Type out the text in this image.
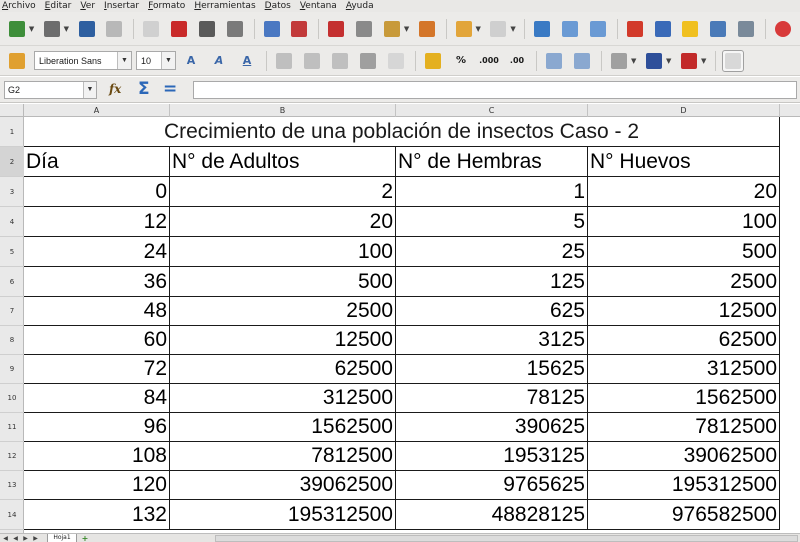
Archivo Editar Ver Insertar Formato Herramientas Datos Ventana Ayuda
▼	▼	▼	▼	▼
Liberation Sans	▼	10	▼	A	A	A	%	.000	.00	▼	▼	▼
G2	▼ fx Σ =
A	B	C	D
1
2
3
4
5
6
7
8
9
10
11
12
13
14
Crecimiento de una población de insectos Caso - 2
Día	N° de Adultos	N° de Hembras	N° Huevos
0	2	1	20
12	20	5	100
24	100	25	500
36	500	125	2500
48	2500	625	12500
60	12500	3125	62500
72	62500	15625	312500
84	312500	78125	1562500
96	1562500	390625	7812500
108	7812500	1953125	39062500
120	39062500	9765625	195312500
132	195312500	48828125	976582500
◀ ◀ ▶ ▶	Hoja1	+
